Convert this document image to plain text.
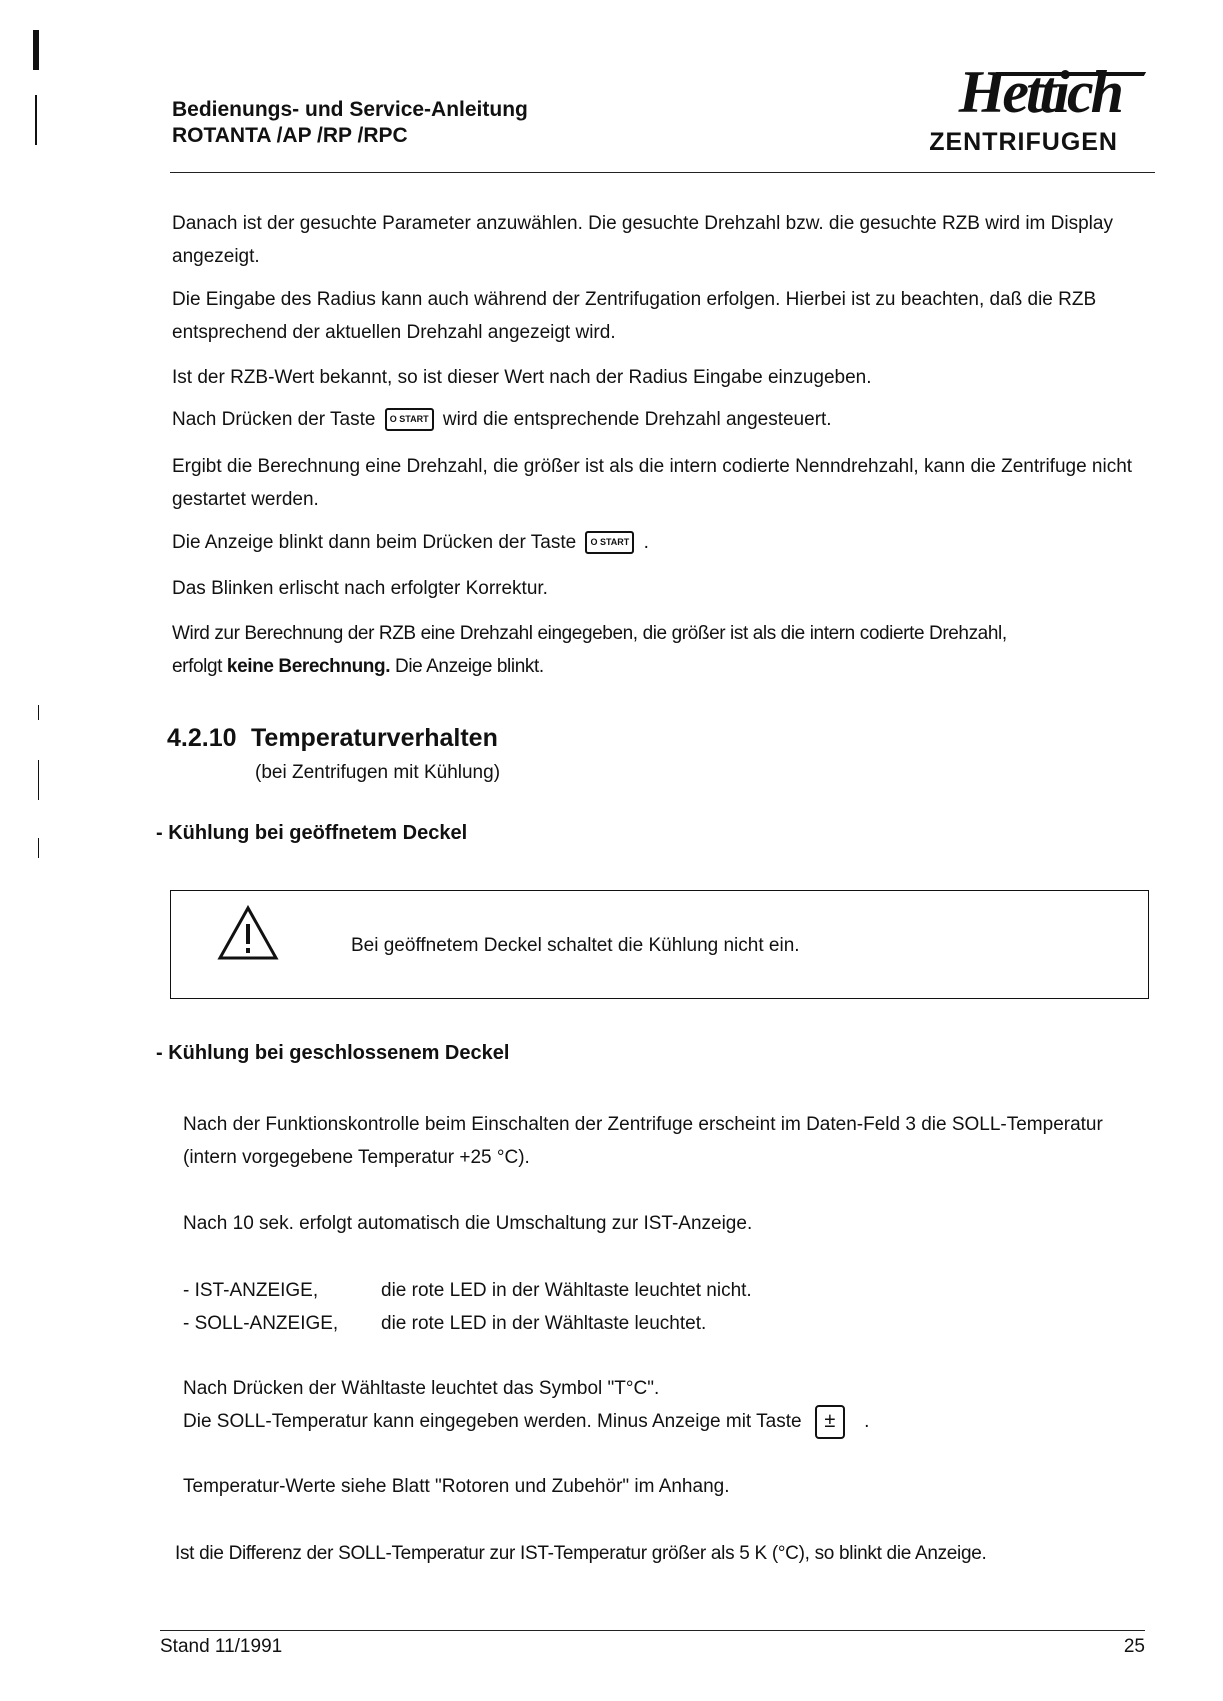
Bedienungs- und Service-Anleitung
ROTANTA /AP /RP /RPC
Hettich
ZENTRIFUGEN
Danach ist der gesuchte Parameter anzuwählen. Die gesuchte Drehzahl bzw. die gesuchte RZB wird im Display angezeigt.
Die Eingabe des Radius kann auch während der Zentrifugation erfolgen. Hierbei ist zu beachten, daß die RZB entsprechend der aktuellen Drehzahl angezeigt wird.
Ist der RZB-Wert bekannt, so ist dieser Wert nach der Radius Eingabe einzugeben.
Nach Drücken der Taste O START wird die entsprechende Drehzahl angesteuert.
Ergibt die Berechnung eine Drehzahl, die größer ist als die intern codierte Nenndrehzahl, kann die Zentrifuge nicht gestartet werden.
Die Anzeige blinkt dann beim Drücken der Taste O START .
Das Blinken erlischt nach erfolgter Korrektur.
Wird zur Berechnung der RZB eine Drehzahl eingegeben, die größer ist als die intern codierte Drehzahl,
erfolgt keine Berechnung. Die Anzeige blinkt.
4.2.10 Temperaturverhalten
(bei Zentrifugen mit Kühlung)
- Kühlung bei geöffnetem Deckel
Bei geöffnetem Deckel schaltet die Kühlung nicht ein.
- Kühlung bei geschlossenem Deckel
Nach der Funktionskontrolle beim Einschalten der Zentrifuge erscheint im Daten-Feld 3 die SOLL-Temperatur (intern vorgegebene Temperatur +25 °C).
Nach 10 sek. erfolgt automatisch die Umschaltung zur IST-Anzeige.
- IST-ANZEIGE,	die rote LED in der Wähltaste leuchtet nicht.
- SOLL-ANZEIGE, die rote LED in der Wähltaste leuchtet.
Nach Drücken der Wähltaste leuchtet das Symbol "T°C".
Die SOLL-Temperatur kann eingegeben werden. Minus Anzeige mit Taste ± .
Temperatur-Werte siehe Blatt "Rotoren und Zubehör" im Anhang.
Ist die Differenz der SOLL-Temperatur zur IST-Temperatur größer als 5 K (°C), so blinkt die Anzeige.
Stand 11/1991	25
